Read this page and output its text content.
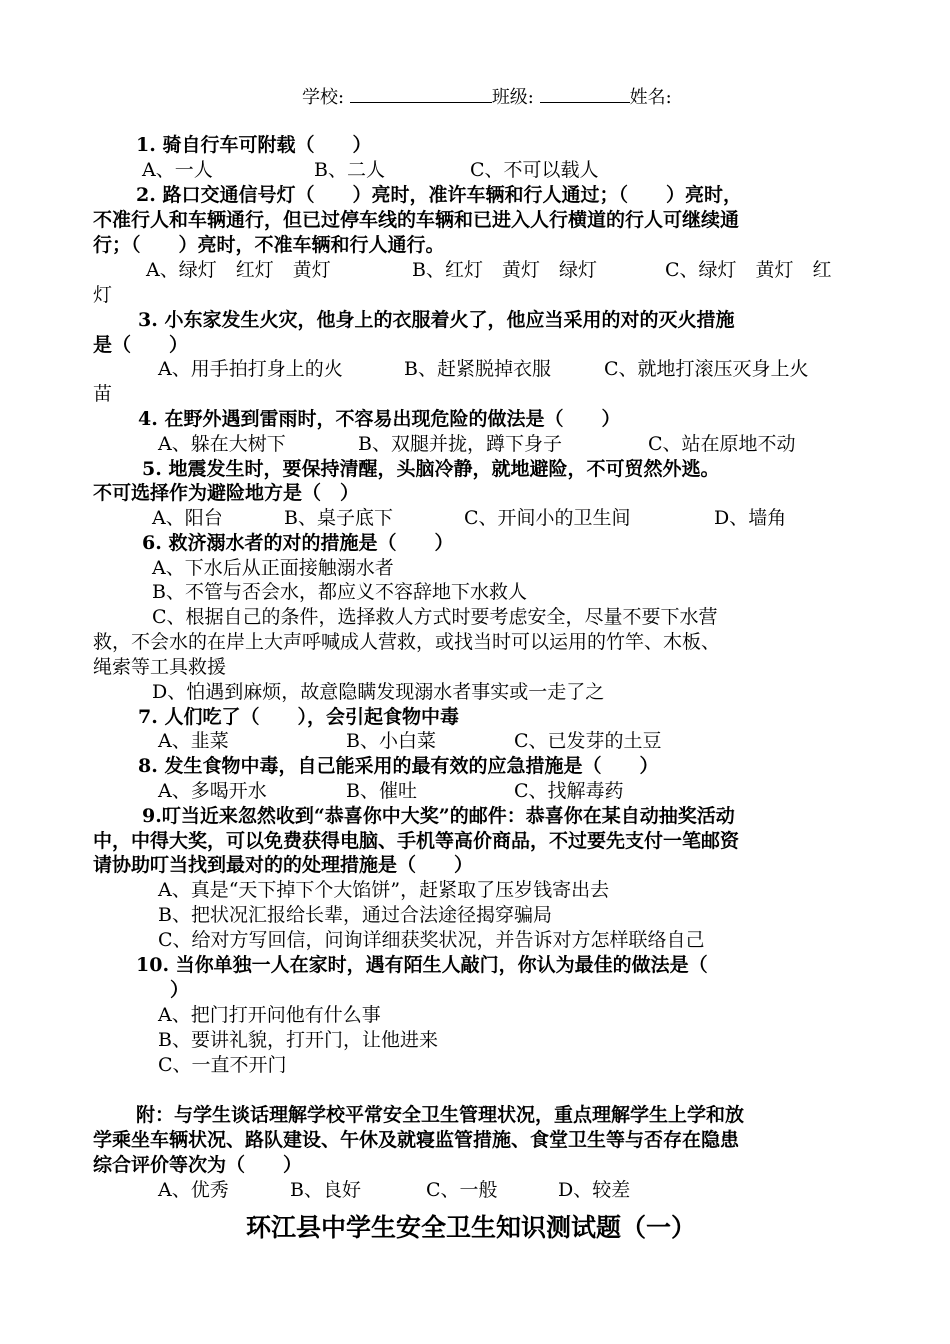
学校:	班级:	姓名:
1. 骑自行车可附载（　　）
A、一人	B、二人	C、不可以载人
2. 路口交通信号灯（　　）亮时，准许车辆和行人通过；（　　）亮时，
不准行人和车辆通行，但已过停车线的车辆和已进入人行横道的行人可继续通
行；（　　）亮时，不准车辆和行人通行。
A、绿灯　红灯　黄灯	B、红灯　黄灯　绿灯	C、绿灯　黄灯　红
灯
3. 小东家发生火灾，他身上的衣服着火了，他应当采用的对的灭火措施
是（　　）
A、用手拍打身上的火	B、赶紧脱掉衣服	C、就地打滚压灭身上火
苗
4. 在野外遇到雷雨时，不容易出现危险的做法是（　　）
A、躲在大树下	B、双腿并拢，蹲下身子	C、站在原地不动
5. 地震发生时，要保持清醒，头脑冷静，就地避险，不可贸然外逃。
不可选择作为避险地方是（　）
A、阳台	B、桌子底下	C、开间小的卫生间	D、墙角
6. 救济溺水者的对的措施是（　　）
A、下水后从正面接触溺水者
B、不管与否会水，都应义不容辞地下水救人
C、根据自己的条件，选择救人方式时要考虑安全，尽量不要下水营
救，不会水的在岸上大声呼喊成人营救，或找当时可以运用的竹竿、木板、
绳索等工具救援
D、怕遇到麻烦，故意隐瞒发现溺水者事实或一走了之
7. 人们吃了（　　），会引起食物中毒
A、韭菜	B、小白菜	C、已发芽的土豆
8. 发生食物中毒，自己能采用的最有效的应急措施是（　　）
A、多喝开水	B、催吐	C、找解毒药
9.叮当近来忽然收到“恭喜你中大奖”的邮件：恭喜你在某自动抽奖活动
中，中得大奖，可以免费获得电脑、手机等高价商品，不过要先支付一笔邮资
请协助叮当找到最对的的处理措施是（　　）
A、真是“天下掉下个大馅饼”，赶紧取了压岁钱寄出去
B、把状况汇报给长辈，通过合法途径揭穿骗局
C、给对方写回信，问询详细获奖状况，并告诉对方怎样联络自己
10. 当你单独一人在家时，遇有陌生人敲门，你认为最佳的做法是（
）
A、把门打开问他有什么事
B、要讲礼貌，打开门，让他进来
C、一直不开门
附：与学生谈话理解学校平常安全卫生管理状况，重点理解学生上学和放
学乘坐车辆状况、路队建设、午休及就寝监管措施、食堂卫生等与否存在隐患
综合评价等次为（　　）
A、优秀	B、良好	C、一般	D、较差
环江县中学生安全卫生知识测试题（一）
